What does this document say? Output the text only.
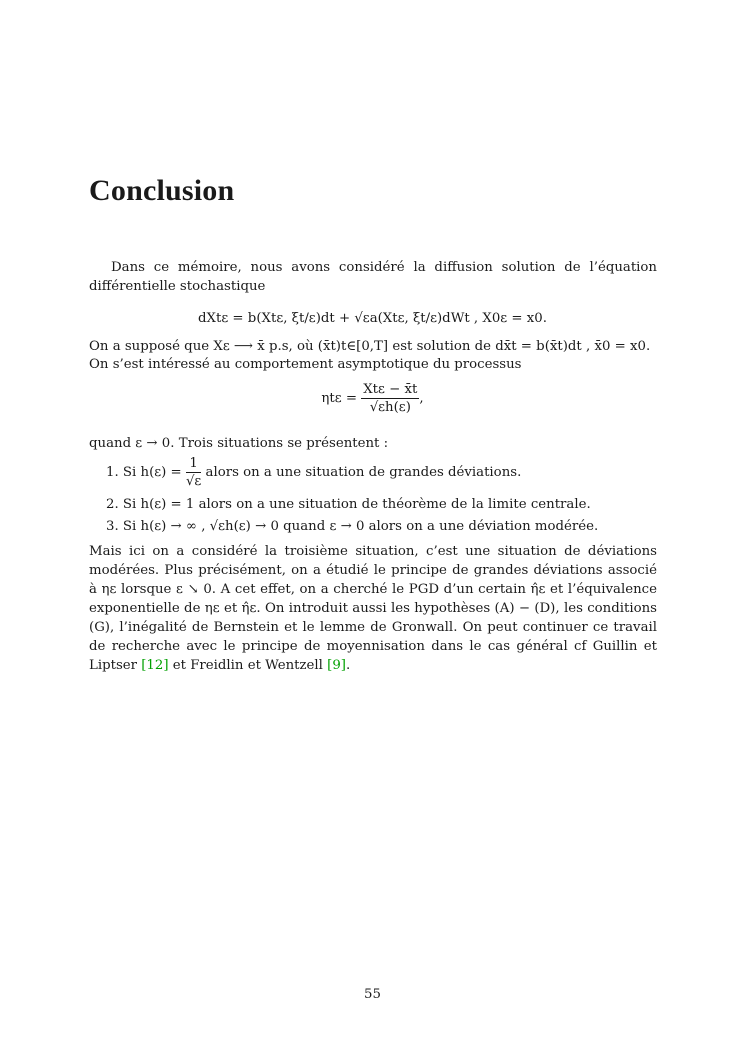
Conclusion
Dans ce mémoire, nous avons considéré la diffusion solution de l’équation différentielle stochastique
dXtε = b(Xtε, ξt/ε)dt + √εa(Xtε, ξt/ε)dWt , X0ε = x0.
On a supposé que Xε ⟶ x̄ p.s, où (x̄t)t∈[0,T] est solution de dx̄t = b(x̄t)dt , x̄0 = x0.
On s’est intéressé au comportement asymptotique du processus
$\eta t\varepsilon = \frac{\text{Xtε − x̄t}}{√\varepsilon h(\varepsilon)}$ ,
quand ε → 0. Trois situations se présentent :
1. Si $h(\varepsilon) = \frac{1}{√\varepsilon}$ alors on a une situation de grandes déviations.
2. Si h(ε) = 1 alors on a une situation de théorème de la limite centrale.
3. Si h(ε) → ∞ , √εh(ε) → 0 quand ε → 0 alors on a une déviation modérée.
Mais ici on a considéré la troisième situation, c’est une situation de déviations modérées. Plus précisément, on a étudié le principe de grandes déviations associé à ηε lorsque ε ↘ 0. A cet effet, on a cherché le PGD d’un certain η̂ε et l’équivalence exponentielle de ηε et η̂ε. On introduit aussi les hypothèses (A) − (D), les conditions (G), l’inégalité de Bernstein et le lemme de Gronwall. On peut continuer ce travail de recherche avec le principe de moyennisation dans le cas général cf Guillin et Liptser [12] et Freidlin et Wentzell [9].
55
